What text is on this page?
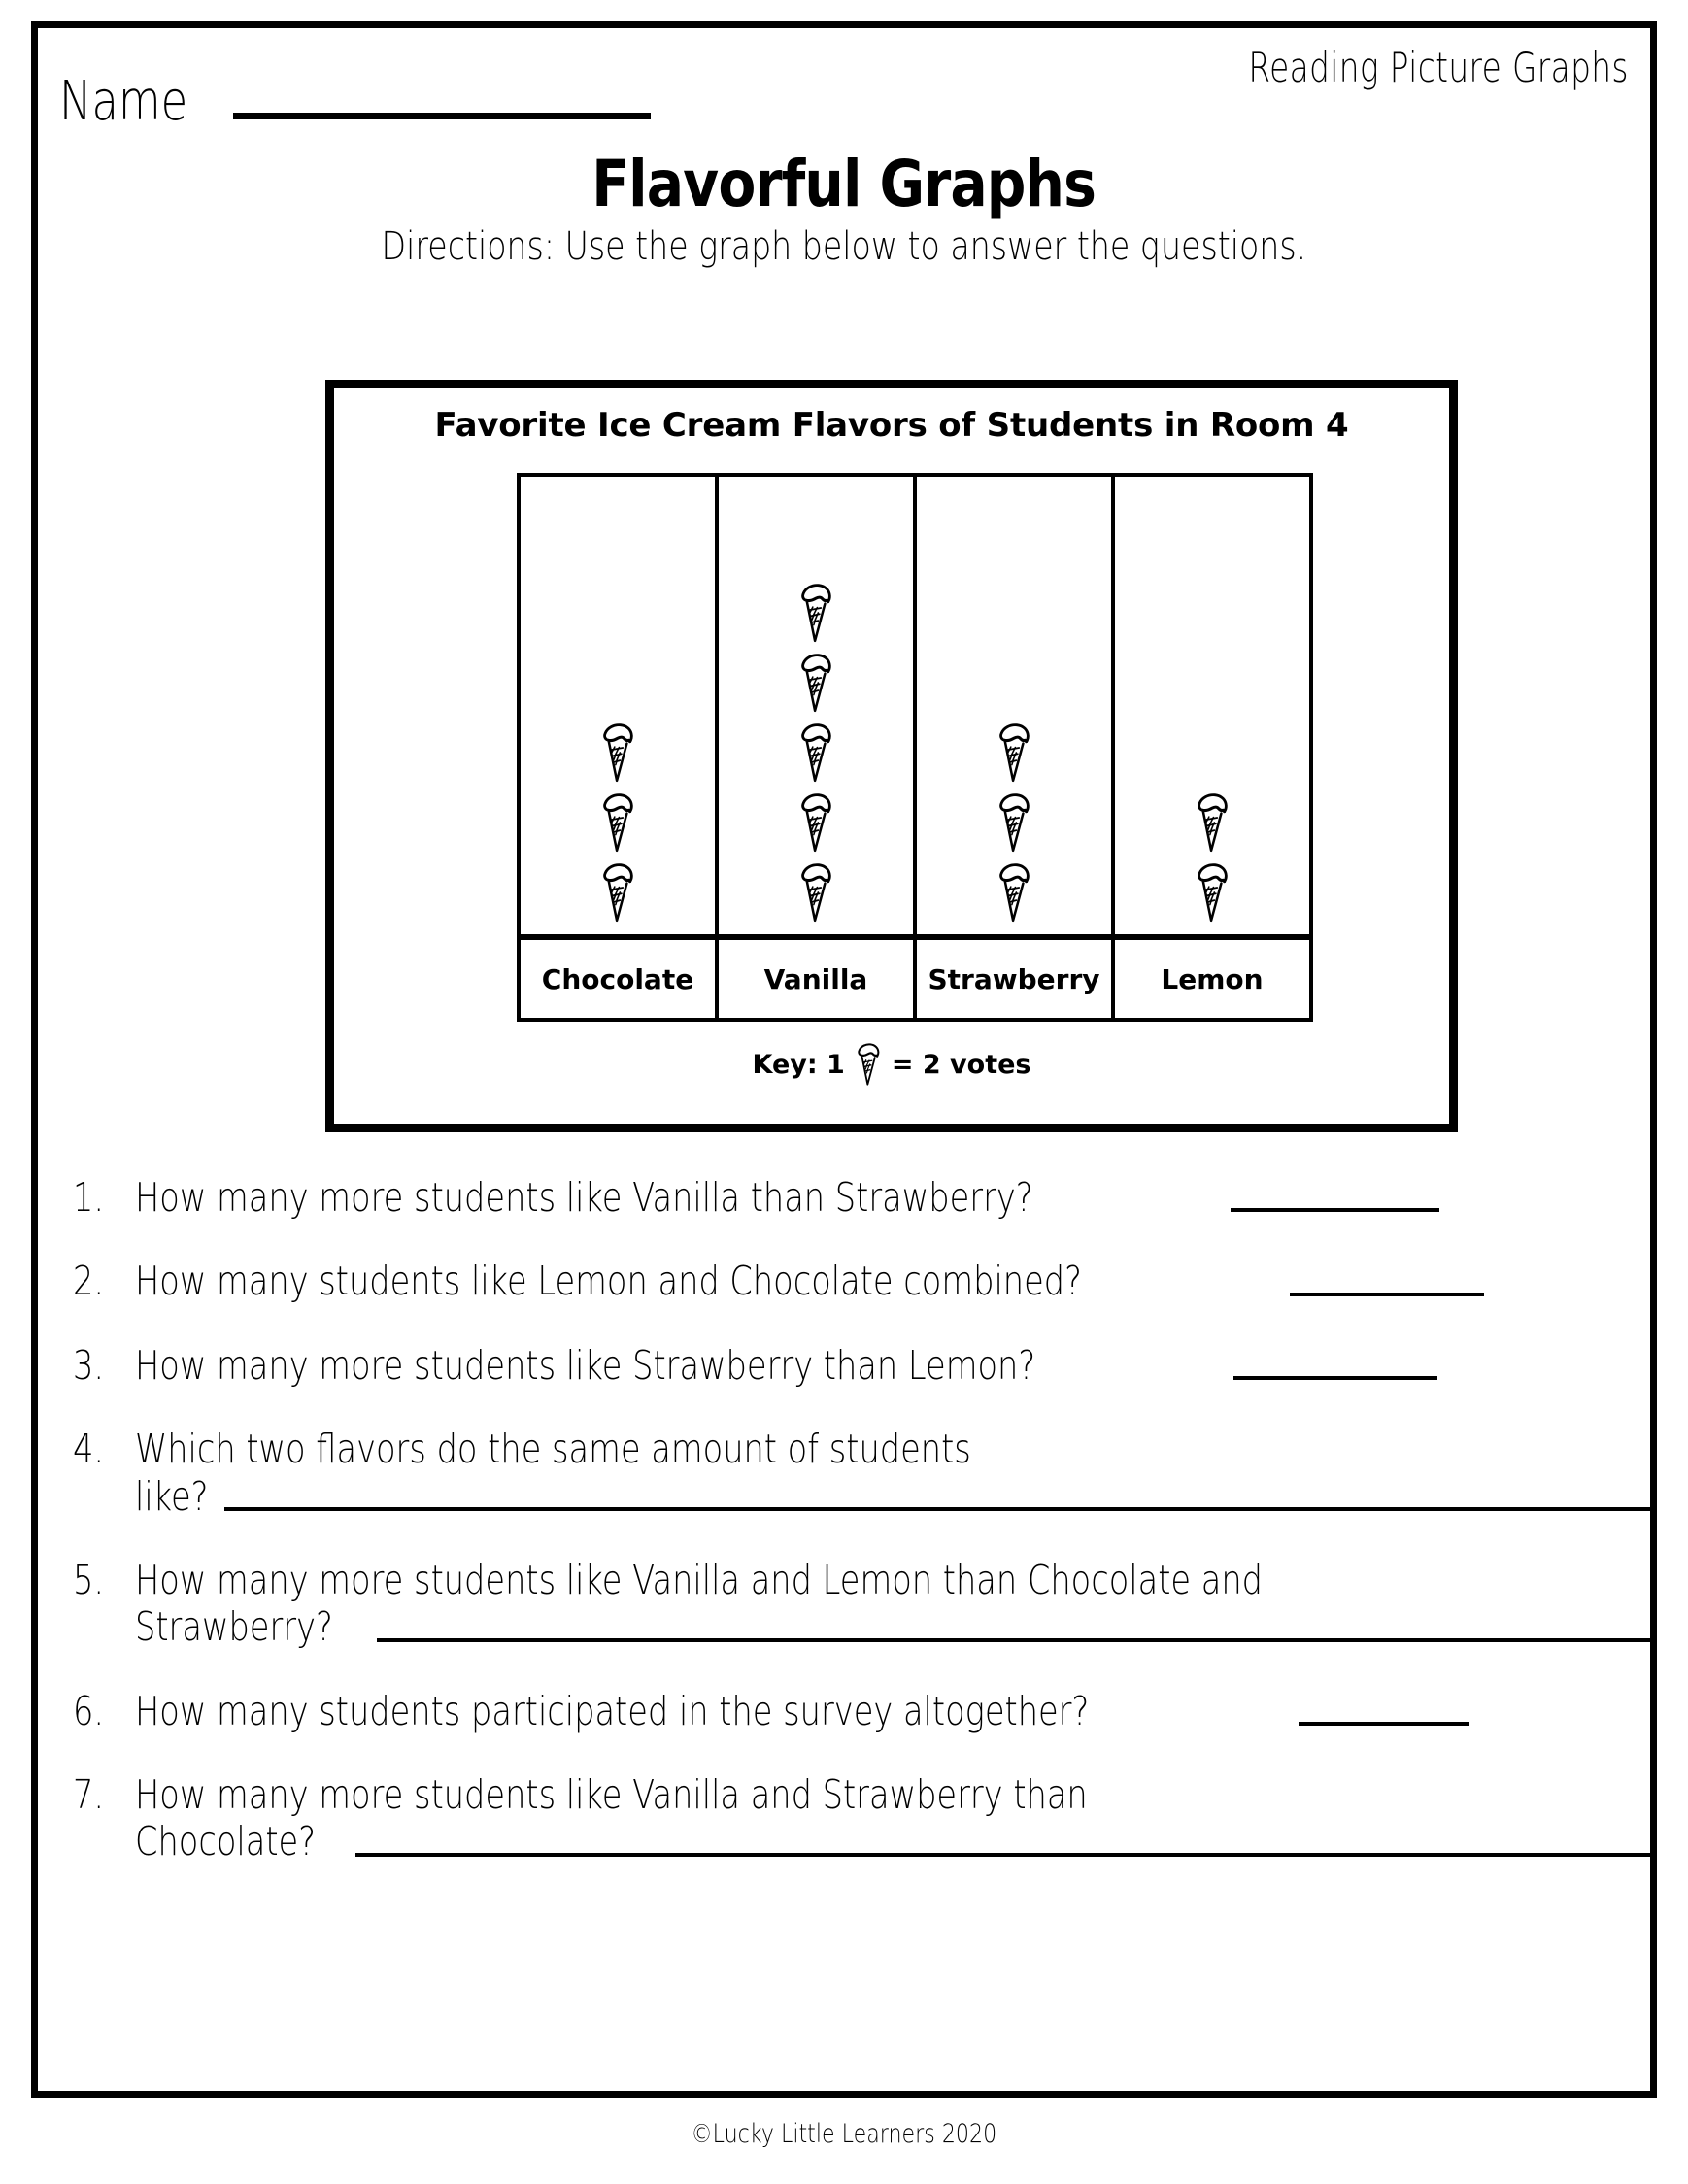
Reading Picture Graphs
Name
Flavorful Graphs
Directions: Use the graph below to answer the questions.
Favorite Ice Cream Flavors of Students in Room 4
Chocolate	Vanilla Strawberry Lemon
Key: 1 = 2 votes
1. How many more students like Vanilla than Strawberry?
2. How many students like Lemon and Chocolate combined?
3. How many more students like Strawberry than Lemon?
4. Which two flavors do the same amount of students
like?
5. How many more students like Vanilla and Lemon than Chocolate and
Strawberry?
6. How many students participated in the survey altogether?
7. How many more students like Vanilla and Strawberry than
Chocolate?
©Lucky Little Learners 2020
